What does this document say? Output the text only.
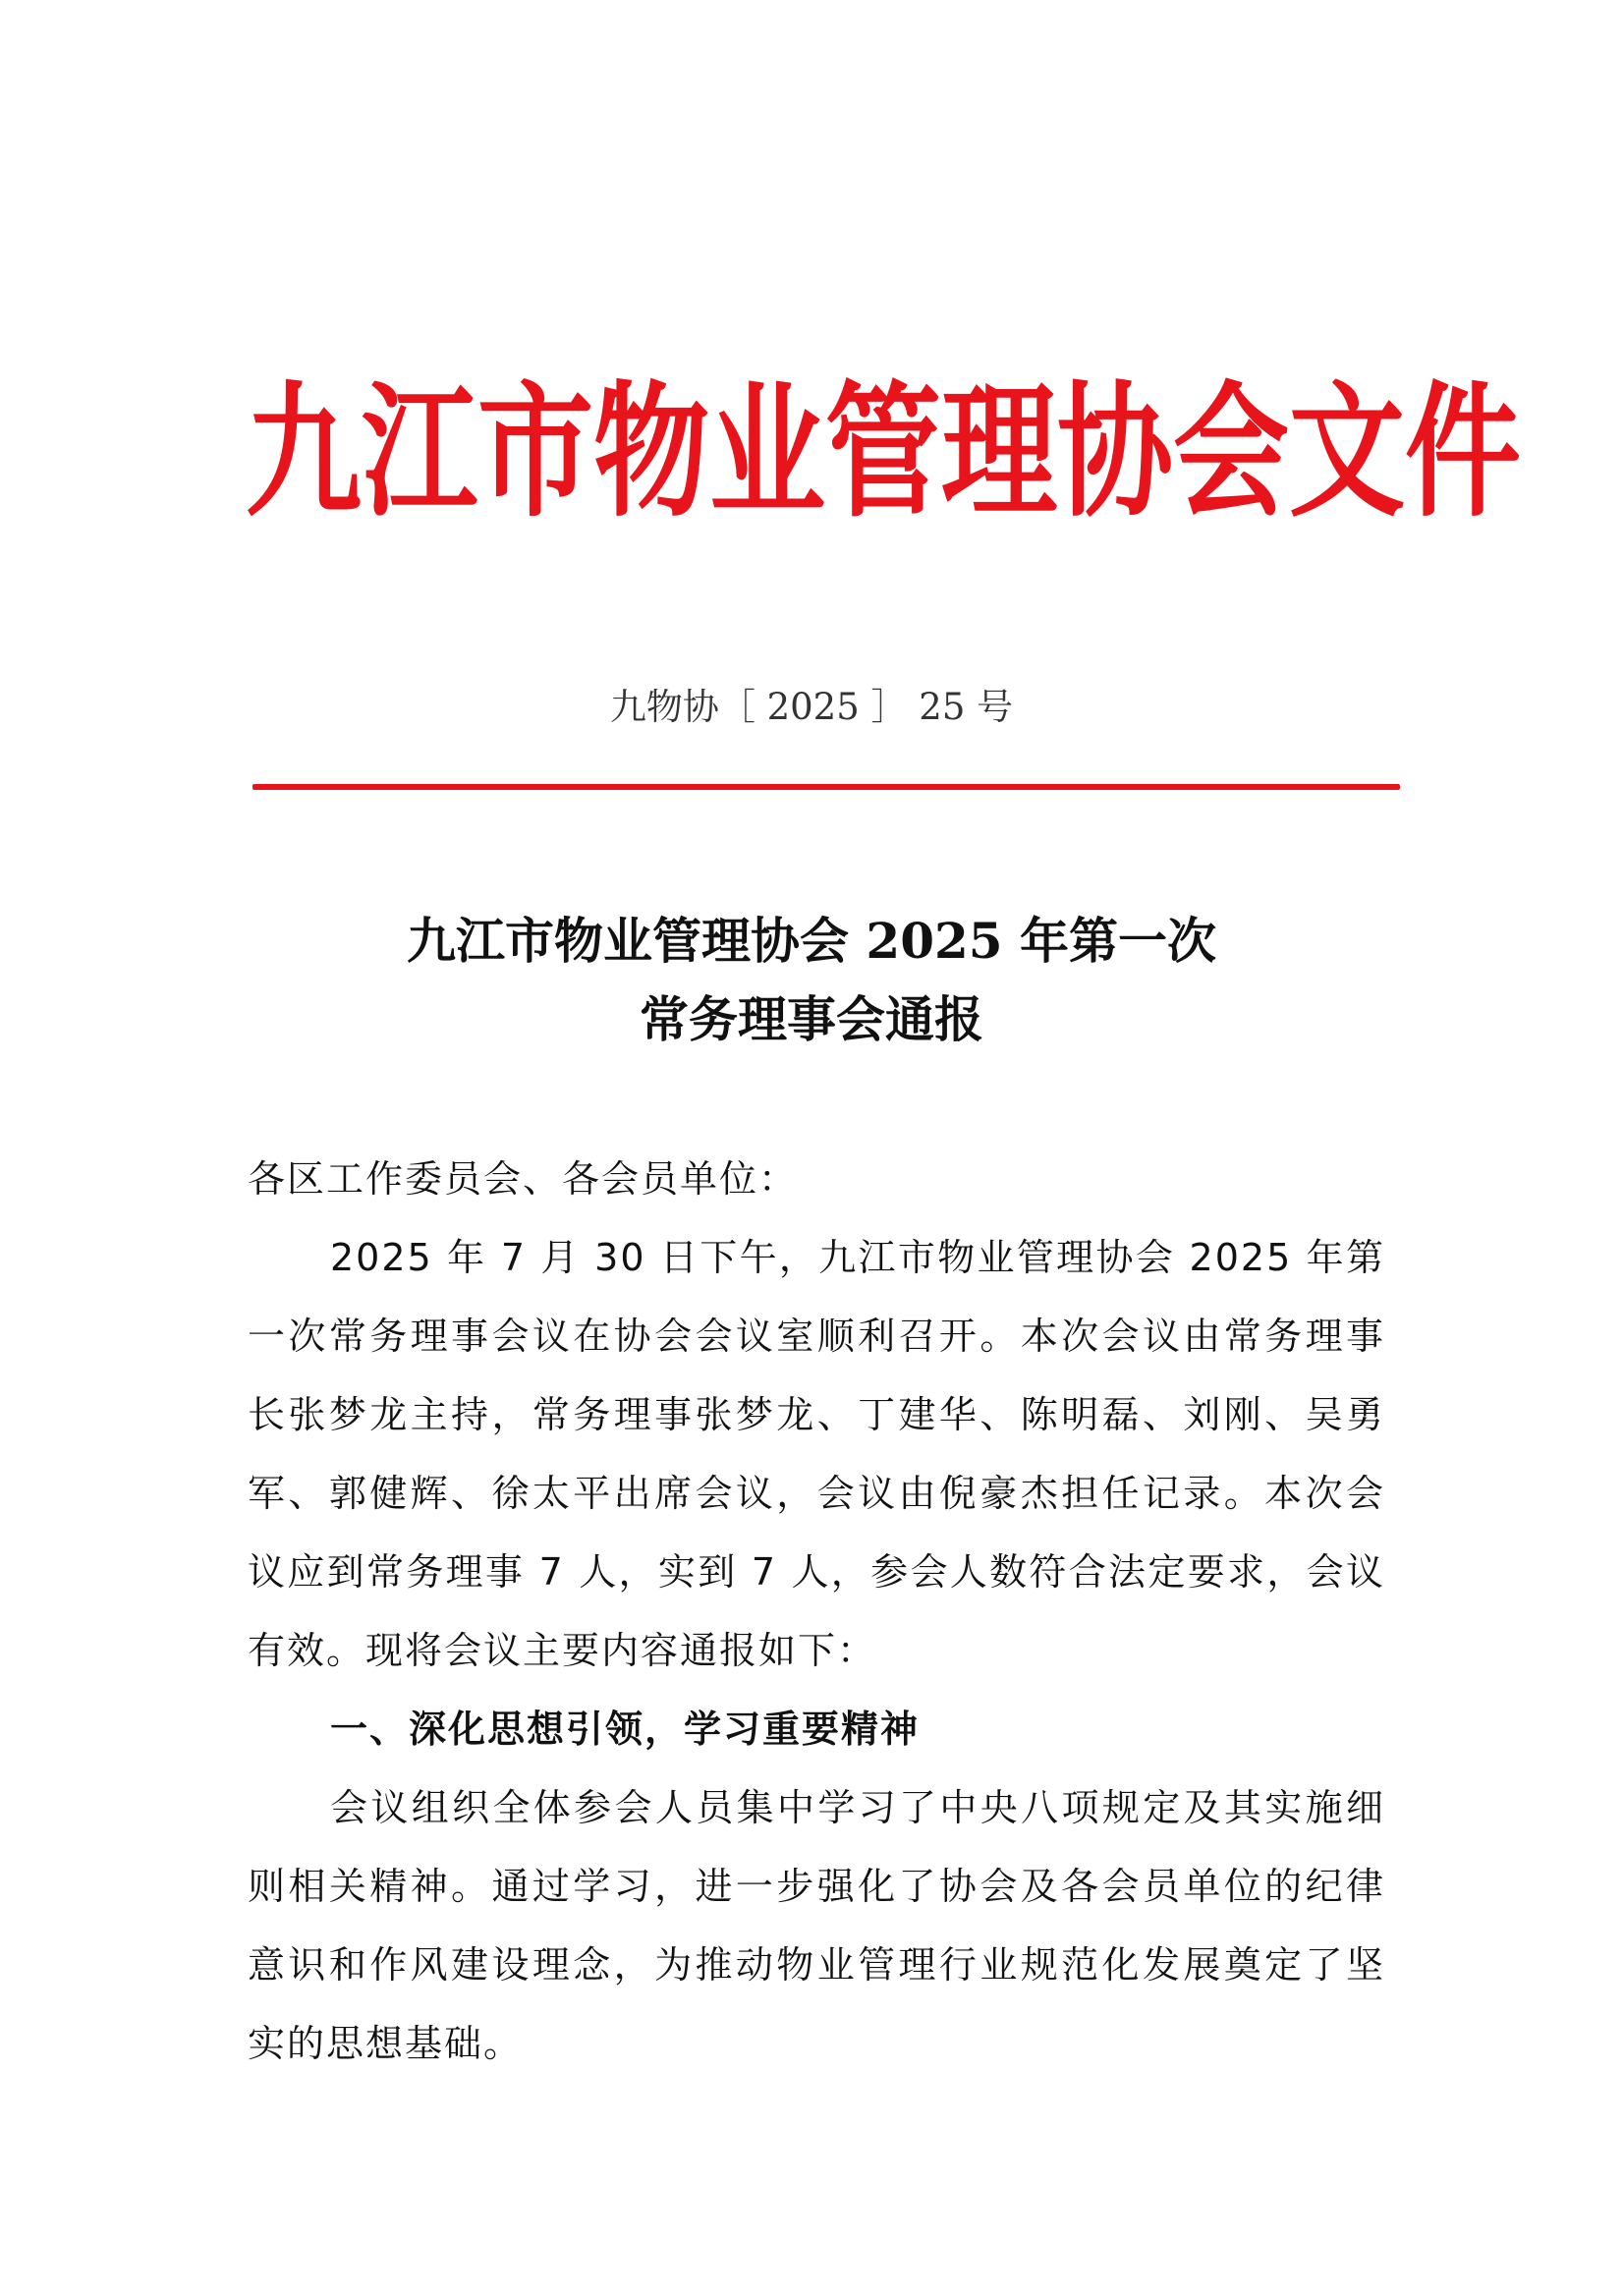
九江市物业管理协会文件
九物协［ 2025 ］ 25 号
九江市物业管理协会 2025 年第一次
常务理事会通报

各区工作委员会、各会员单位：

2025 年 7 月 30 日下午，九江市物业管理协会 2025 年第一次常务理事会议在协会会议室顺利召开。本次会议由常务理事长张梦龙主持，常务理事张梦龙、丁建华、陈明磊、刘刚、吴勇军、郭健辉、徐太平出席会议，会议由倪豪杰担任记录。本次会议应到常务理事 7 人，实到 7 人，参会人数符合法定要求，会议有效。现将会议主要内容通报如下：

一、深化思想引领，学习重要精神

会议组织全体参会人员集中学习了中央八项规定及其实施细则相关精神。通过学习，进一步强化了协会及各会员单位的纪律意识和作风建设理念，为推动物业管理行业规范化发展奠定了坚实的思想基础。
